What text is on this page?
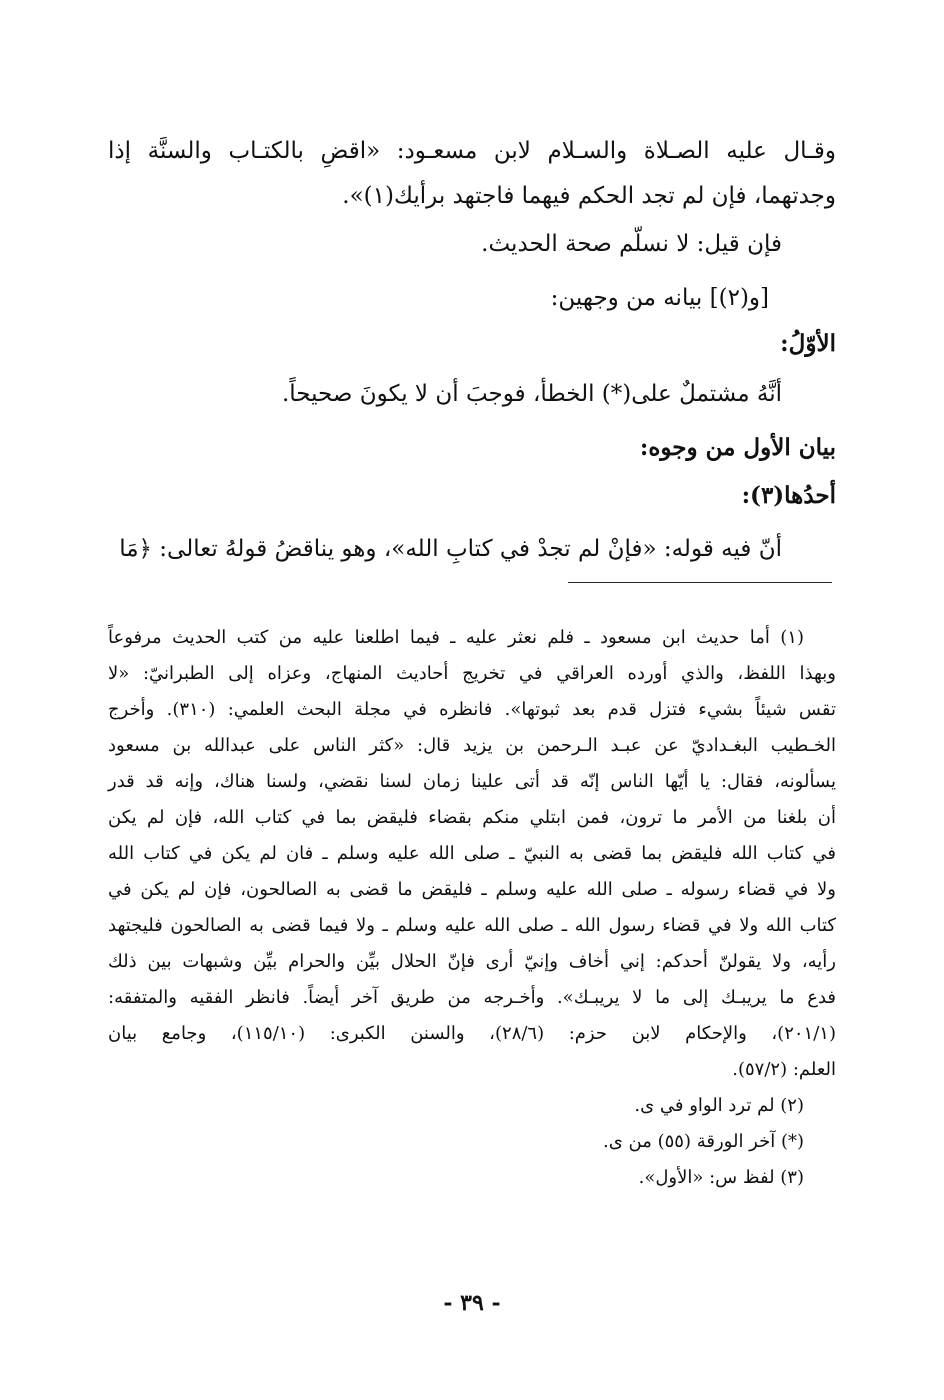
وقـال عليه الصـلاة والسـلام لابن مسعـود: «اقضِ بالكتـاب والسنَّة إذا
وجدتهما، فإن لم تجد الحكم فيهما فاجتهد برأيك(١)».
فإن قيل: لا نسلّم صحة الحديث.
[و(٢)] بيانه من وجهين:
الأوّلُ:
أنَّهُ مشتملٌ على(*) الخطأ، فوجبَ أن لا يكونَ صحيحاً.
بيان الأول من وجوه:
أحدُها(٣):
أنّ فيه قوله: «فإنْ لم تجدْ في كتابِ الله»، وهو يناقضُ قولهُ تعالى: ﴿مَا
(١) أما حديث ابن مسعود ـ فلم نعثر عليه ـ فيما اطلعنا عليه من كتب الحديث مرفوعاً
وبهذا اللفظ، والذي أورده العراقي في تخريج أحاديث المنهاج، وعزاه إلى الطبرانيّ: «لا
تقس شيئاً بشيء فتزل قدم بعد ثبوتها». فانظره في مجلة البحث العلمي: (٣١٠). وأخرج
الخـطيب البغـداديّ عن عبـد الـرحمن بن يزيد قال: «كثر الناس على عبدالله بن مسعود
يسألونه، فقال: يا أيّها الناس إنّه قد أتى علينا زمان لسنا نقضي، ولسنا هناك، وإنه قد قدر
أن بلغنا من الأمر ما ترون، فمن ابتلي منكم بقضاء فليقض بما في كتاب الله، فإن لم يكن
في كتاب الله فليقض بما قضى به النبيّ ـ صلى الله عليه وسلم ـ فان لم يكن في كتاب الله
ولا في قضاء رسوله ـ صلى الله عليه وسلم ـ فليقض ما قضى به الصالحون، فإن لم يكن في
كتاب الله ولا في قضاء رسول الله ـ صلى الله عليه وسلم ـ ولا فيما قضى به الصالحون فليجتهد
رأيه، ولا يقولنّ أحدكم: إني أخاف وإنيّ أرى فإنّ الحلال بيِّن والحرام بيِّن وشبهات بين ذلك
فدع ما يريبـك إلى ما لا يريبـك». وأخـرجه من طريق آخر أيضاً. فانظر الفقيه والمتفقه:
(٢٠١/١)، والإحكام لابن حزم: (٢٨/٦)، والسنن الكبرى: (١١٥/١٠)، وجامع بيان
العلم: (٥٧/٢).
(٢) لم ترد الواو في ى.
(*) آخر الورقة (٥٥) من ى.
(٣) لفظ س: «الأول».
- ٣٩ -
